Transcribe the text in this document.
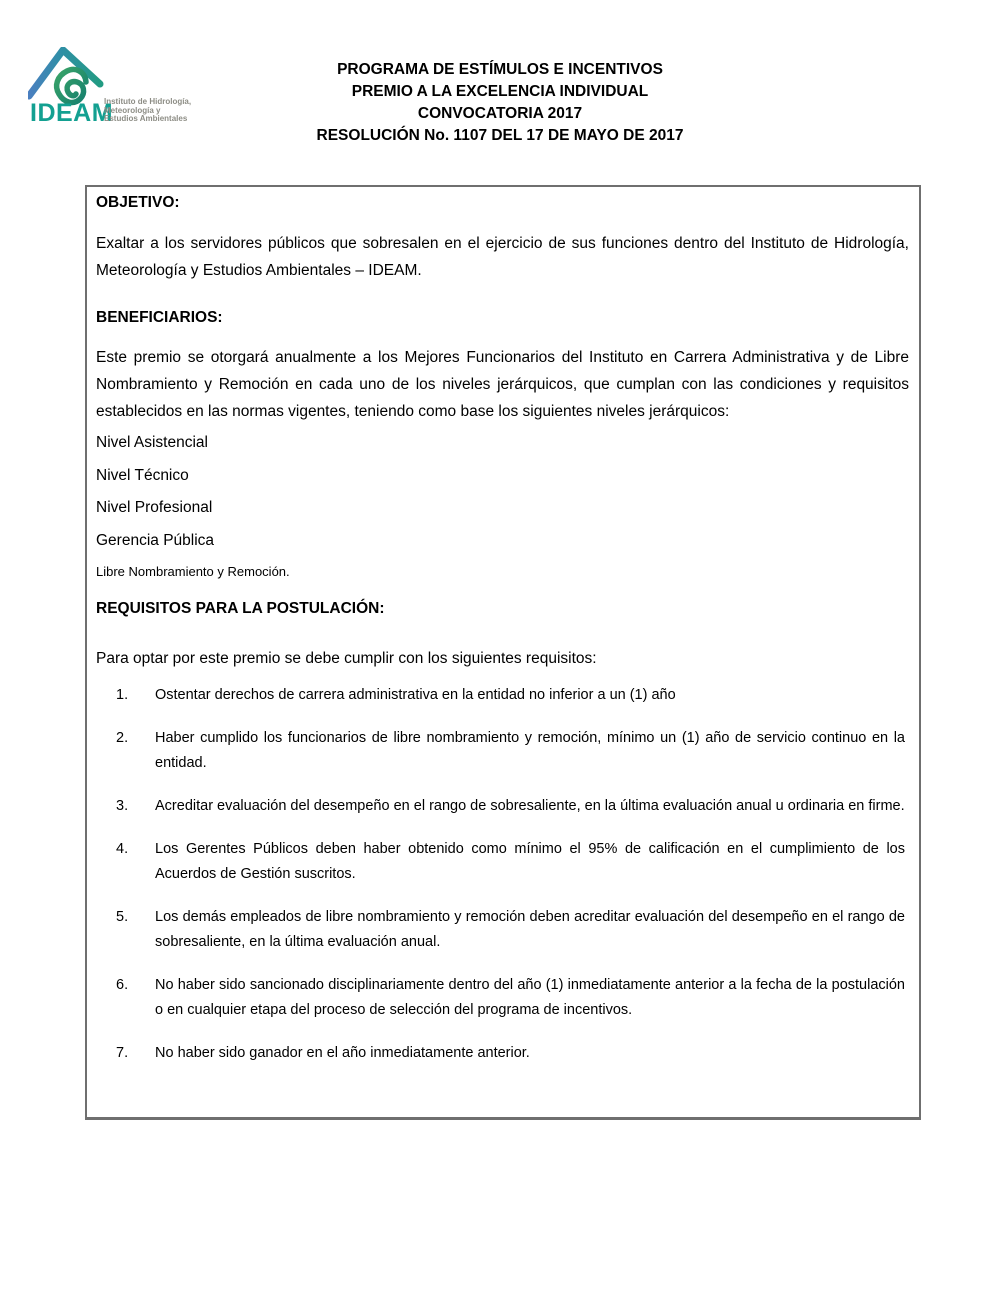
IDEAM
Instituto de Hidrología,
Meteorología y
Estudios Ambientales
PROGRAMA DE ESTÍMULOS E INCENTIVOS
PREMIO A LA EXCELENCIA INDIVIDUAL
CONVOCATORIA 2017
RESOLUCIÓN No. 1107 DEL 17 DE MAYO DE 2017
OBJETIVO:
Exaltar a los servidores públicos que sobresalen en el ejercicio de sus funciones dentro del Instituto de Hidrología, Meteorología y Estudios Ambientales – IDEAM.
BENEFICIARIOS:
Este premio se otorgará anualmente a los Mejores Funcionarios del Instituto en Carrera Administrativa y de Libre Nombramiento y Remoción en cada uno de los niveles jerárquicos, que cumplan con las condiciones y requisitos establecidos en las normas vigentes, teniendo como base los siguientes niveles jerárquicos:
Nivel Asistencial
Nivel Técnico
Nivel Profesional
Gerencia Pública
Libre Nombramiento y Remoción.
REQUISITOS PARA LA POSTULACIÓN:
Para optar por este premio se debe cumplir con los siguientes requisitos:
1.	Ostentar derechos de carrera administrativa en la entidad no inferior a un (1) año
2.	Haber cumplido los funcionarios de libre nombramiento y remoción, mínimo un (1) año de servicio continuo en la entidad.
3.	Acreditar evaluación del desempeño en el rango de sobresaliente, en la última evaluación anual u ordinaria en firme.
4.	Los Gerentes Públicos deben haber obtenido como mínimo el 95% de calificación en el cumplimiento de los Acuerdos de Gestión suscritos.
5.	Los demás empleados de libre nombramiento y remoción deben acreditar evaluación del desempeño en el rango de sobresaliente, en la última evaluación anual.
6.	No haber sido sancionado disciplinariamente dentro del año (1) inmediatamente anterior a la fecha de la postulación o en cualquier etapa del proceso de selección del programa de incentivos.
7.	No haber sido ganador en el año inmediatamente anterior.
